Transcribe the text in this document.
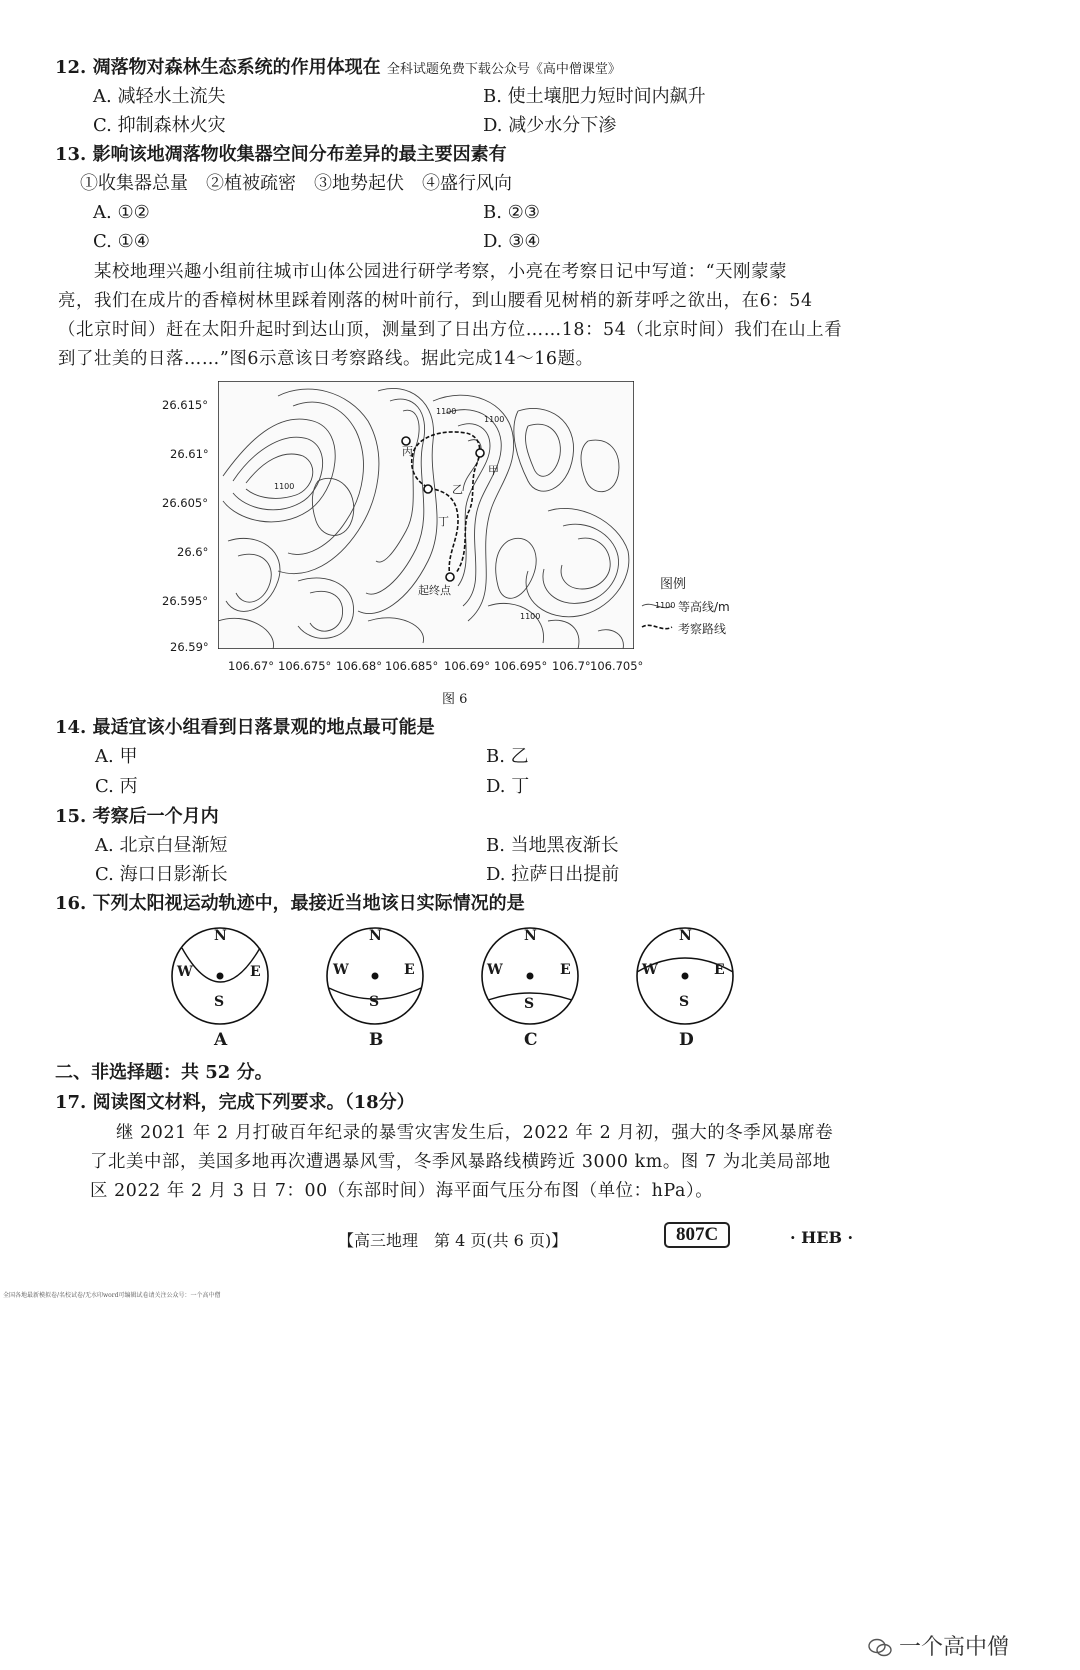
12. 凋落物对森林生态系统的作用体现在 全科试题免费下载公众号《高中僧课堂》
A. 减轻水土流失	B. 使土壤肥力短时间内飙升
C. 抑制森林火灾	D. 减少水分下渗
13. 影响该地凋落物收集器空间分布差异的最主要因素有
①收集器总量　②植被疏密　③地势起伏　④盛行风向
A. ①②	B. ②③
C. ①④	D. ③④
某校地理兴趣小组前往城市山体公园进行研学考察，小亮在考察日记中写道：“天刚蒙蒙
亮，我们在成片的香樟树林里踩着刚落的树叶前行，到山腰看见树梢的新芽呼之欲出，在6：54
（北京时间）赶在太阳升起时到达山顶，测量到了日出方位……18：54（北京时间）我们在山上看
到了壮美的日落……”图6示意该日考察路线。据此完成14～16题。
26.615°
26.61°
26.605°
26.6°
26.595°
26.59°
丙
甲
乙
丁
起终点
1100
1100
1100
1100
106.67° 106.675° 106.68° 106.685° 106.69° 106.695° 106.7° 106.705°
图例
1100 等高线/m
考察路线
图 6
14. 最适宜该小组看到日落景观的地点最可能是
A. 甲	B. 乙
C. 丙	D. 丁
15. 考察后一个月内
A. 北京白昼渐短	B. 当地黑夜渐长
C. 海口日影渐长	D. 拉萨日出提前
16. 下列太阳视运动轨迹中，最接近当地该日实际情况的是
N
S
W	E
A
N
S
W	E
B
N
S
W	E
C
N
S
W	E
D
二、非选择题：共 52 分。
17. 阅读图文材料，完成下列要求。（18分）
继 2021 年 2 月打破百年纪录的暴雪灾害发生后，2022 年 2 月初，强大的冬季风暴席卷
了北美中部，美国多地再次遭遇暴风雪，冬季风暴路线横跨近 3000 km。图 7 为北美局部地
区 2022 年 2 月 3 日 7：00（东部时间）海平面气压分布图（单位：hPa）。
【高三地理　第 4 页(共 6 页)】	807C	· HEB ·
全国各地最新模拟卷/名校试卷/无水印word可编辑试卷请关注公众号：一个高中僧
一个高中僧
